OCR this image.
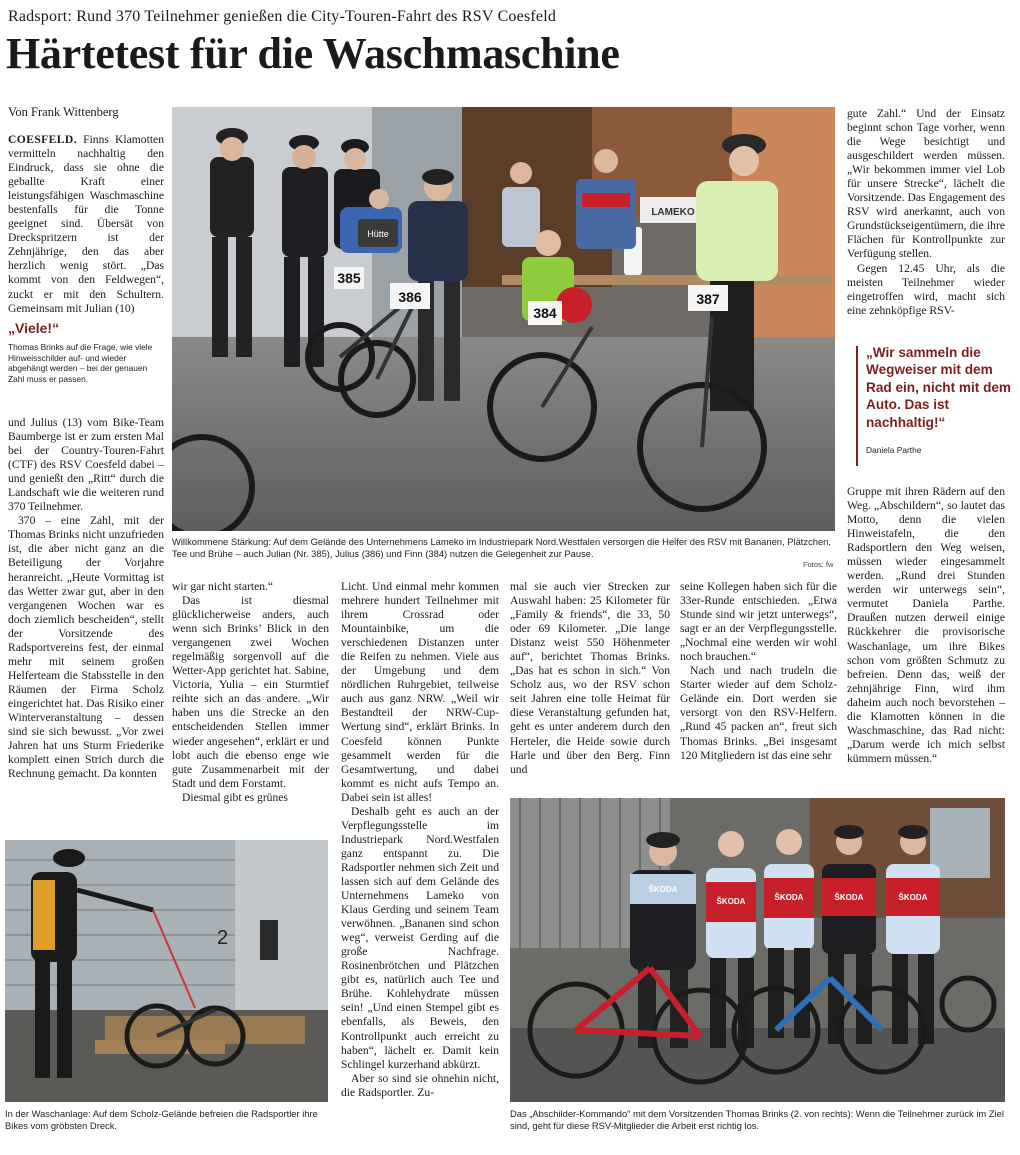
Radsport: Rund 370 Teilnehmer genießen die City-Touren-Fahrt des RSV Coesfeld
Härtetest für die Waschmaschine
Von Frank Wittenberg

COESFELD. Finns Klamotten vermitteln nachhaltig den Eindruck, dass sie ohne die geballte Kraft einer leistungsfähigen Waschmaschine bestenfalls für die Tonne geeignet sind. Übersät von Dreckspritzern ist der Zehnjährige, den das aber herzlich wenig stört. „Das kommt von den Feldwegen“, zuckt er mit den Schultern. Gemeinsam mit Julian (10)

„Viele!“
Thomas Brinks auf die Frage, wie viele Hinweisschilder auf- und wieder abgehängt werden – bei der genauen Zahl muss er passen.

und Julius (13) vom Bike-Team Baumberge ist er zum ersten Mal bei der Country-Touren-Fahrt (CTF) des RSV Coesfeld dabei – und genießt den „Ritt“ durch die Landschaft wie die weiteren rund 370 Teilnehmer.

370 – eine Zahl, mit der Thomas Brinks nicht unzufrieden ist, die aber nicht ganz an die Beteiligung der Vorjahre heranreicht. „Heute Vormittag ist das Wetter zwar gut, aber in den vergangenen Wochen war es doch ziemlich bescheiden“, stellt der Vorsitzende des Radsportvereins fest, der einmal mehr mit seinem großen Helferteam die Stabsstelle in den Räumen der Firma Scholz eingerichtet hat. Das Risiko einer Winterveranstaltung – dessen sind sie sich bewusst. „Vor zwei Jahren hat uns Sturm Friederike komplett einen Strich durch die Rechnung gemacht. Da konnten

LAMEKO
Hütte
385
386
384
387
Willkommene Stärkung: Auf dem Gelände des Unternehmens Lameko im Industriepark Nord.Westfalen versorgen die Helfer des RSV mit Bananen, Plätzchen, Tee und Brühe – auch Julian (Nr. 385), Julius (386) und Finn (384) nutzen die Gelegenheit zur Pause.
Fotos: fw

wir gar nicht starten.“

Das ist diesmal glücklicherweise anders, auch wenn sich Brinks’ Blick in den vergangenen zwei Wochen regelmäßig sorgenvoll auf die Wetter-App gerichtet hat. Sabine, Victoria, Yulia – ein Sturmtief reihte sich an das andere. „Wir haben uns die Strecke an den entscheidenden Stellen immer wieder angesehen“, erklärt er und lobt auch die ebenso enge wie gute Zusammenarbeit mit der Stadt und dem Forstamt.

Diesmal gibt es grünes

Licht. Und einmal mehr kommen mehrere hundert Teilnehmer mit ihrem Crossrad oder Mountainbike, um die verschiedenen Distanzen unter die Reifen zu nehmen. Viele aus der Umgebung und dem nördlichen Ruhrgebiet, teilweise auch aus ganz NRW. „Weil wir Bestandteil der NRW-Cup-Wertung sind“, erklärt Brinks. In Coesfeld können Punkte gesammelt werden für die Gesamtwertung, und dabei kommt es nicht aufs Tempo an. Dabei sein ist alles!

Deshalb geht es auch an der Verpflegungsstelle im Industriepark Nord.Westfalen ganz entspannt zu. Die Radsportler nehmen sich Zeit und lassen sich auf dem Gelände des Unternehmens Lameko von Klaus Gerding und seinem Team verwöhnen. „Bananen sind schon weg“, verweist Gerding auf die große Nachfrage. Rosinenbrötchen und Plätzchen gibt es, natürlich auch Tee und Brühe. Kohlehydrate müssen sein! „Und einen Stempel gibt es ebenfalls, als Beweis, den Kontrollpunkt auch erreicht zu haben“, lächelt er. Damit kein Schlingel kurzerhand abkürzt.

Aber so sind sie ohnehin nicht, die Radsportler. Zu-

mal sie auch vier Strecken zur Auswahl haben: 25 Kilometer für „Family & friends“, die 33, 50 oder 69 Kilometer. „Die lange Distanz weist 550 Höhenmeter auf“, berichtet Thomas Brinks. „Das hat es schon in sich.“ Von Scholz aus, wo der RSV schon seit Jahren eine tolle Heimat für diese Veranstaltung gefunden hat, geht es unter anderem durch den Herteler, die Heide sowie durch Harle und über den Berg. Finn und

seine Kollegen haben sich für die 33er-Runde entschieden. „Etwa Stunde sind wir jetzt unterwegs“, sagt er an der Verpflegungsstelle. „Nochmal eine werden wir wohl noch brauchen.“

Nach und nach trudeln die Starter wieder auf dem Scholz-Gelände ein. Dort werden sie versorgt von den RSV-Helfern. „Rund 45 packen an“, freut sich Thomas Brinks. „Bei insgesamt 120 Mitgliedern ist das eine sehr

gute Zahl.“ Und der Einsatz beginnt schon Tage vorher, wenn die Wege besichtigt und ausgeschildert werden müssen. „Wir bekommen immer viel Lob für unsere Strecke“, lächelt die Vorsitzende. Das Engagement des RSV wird anerkannt, auch von Grundstückseigentümern, die ihre Flächen für Kontrollpunkte zur Verfügung stellen.

Gegen 12.45 Uhr, als die meisten Teilnehmer wieder eingetroffen wird, macht sich eine zehnköpfige RSV-

„Wir sammeln die Wegweiser mit dem Rad ein, nicht mit dem Auto. Das ist nachhaltig!“
Daniela Parthe

Gruppe mit ihren Rädern auf den Weg. „Abschildern“, so lautet das Motto, denn die vielen Hinweistafeln, die den Radsportlern den Weg weisen, müssen wieder eingesammelt werden. „Rund drei Stunden werden wir unterwegs sein“, vermutet Daniela Parthe. Draußen nutzen derweil einige Rückkehrer die provisorische Waschanlage, um ihre Bikes schon vom größten Schmutz zu befreien. Denn das, weiß der zehnjährige Finn, wird ihm daheim auch noch bevorstehen – die Klamotten können in die Waschmaschine, das Rad nicht: „Darum werde ich mich selbst kümmern müssen.“

2
In der Waschanlage: Auf dem Scholz-Gelände befreien die Radsportler ihre Bikes vom gröbsten Dreck.
ŠKODA
ŠKODA	ŠKODA	ŠKODA	ŠKODA
Das „Abschilder-Kommando“ mit dem Vorsitzenden Thomas Brinks (2. von rechts): Wenn die Teilnehmer zurück im Ziel sind, geht für diese RSV-Mitglieder die Arbeit erst richtig los.
